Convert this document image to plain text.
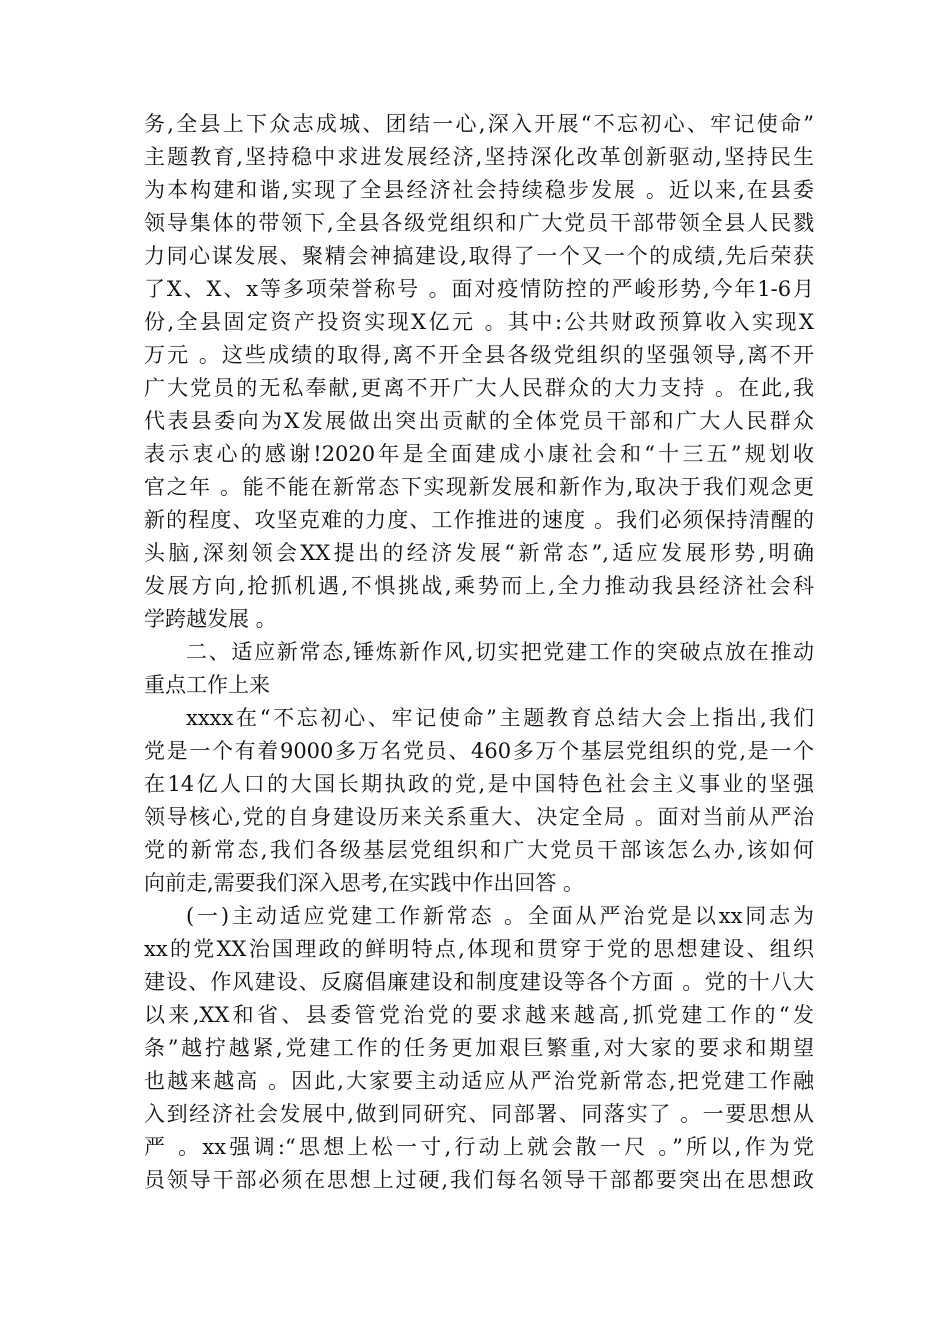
务,全县上下众志成城、团结一心,深入开展“不忘初心、牢记使命”
主题教育,坚持稳中求进发展经济,坚持深化改革创新驱动,坚持民生
为本构建和谐,实现了全县经济社会持续稳步发展 。近以来,在县委
领导集体的带领下,全县各级党组织和广大党员干部带领全县人民戮
力同心谋发展、聚精会神搞建设,取得了一个又一个的成绩,先后荣获
了X、X、x等多项荣誉称号 。面对疫情防控的严峻形势,今年1-6月
份,全县固定资产投资实现X亿元 。其中:公共财政预算收入实现X
万元 。这些成绩的取得,离不开全县各级党组织的坚强领导,离不开
广大党员的无私奉献,更离不开广大人民群众的大力支持 。在此,我
代表县委向为X发展做出突出贡献的全体党员干部和广大人民群众
表示衷心的感谢!2020年是全面建成小康社会和“十三五”规划收
官之年 。能不能在新常态下实现新发展和新作为,取决于我们观念更
新的程度、攻坚克难的力度、工作推进的速度 。我们必须保持清醒的
头脑,深刻领会XX提出的经济发展“新常态”,适应发展形势,明确
发展方向,抢抓机遇,不惧挑战,乘势而上,全力推动我县经济社会科
学跨越发展 。
二、适应新常态,锤炼新作风,切实把党建工作的突破点放在推动
重点工作上来
xxxx在“不忘初心、牢记使命”主题教育总结大会上指出,我们
党是一个有着9000多万名党员、460多万个基层党组织的党,是一个
在14亿人口的大国长期执政的党,是中国特色社会主义事业的坚强
领导核心,党的自身建设历来关系重大、决定全局 。面对当前从严治
党的新常态,我们各级基层党组织和广大党员干部该怎么办,该如何
向前走,需要我们深入思考,在实践中作出回答 。
(一)主动适应党建工作新常态 。全面从严治党是以xx同志为
xx的党XX治国理政的鲜明特点,体现和贯穿于党的思想建设、组织
建设、作风建设、反腐倡廉建设和制度建设等各个方面 。党的十八大
以来,XX和省、县委管党治党的要求越来越高,抓党建工作的“发
条”越拧越紧,党建工作的任务更加艰巨繁重,对大家的要求和期望
也越来越高 。因此,大家要主动适应从严治党新常态,把党建工作融
入到经济社会发展中,做到同研究、同部署、同落实了 。一要思想从
严 。xx强调:“思想上松一寸,行动上就会散一尺 。”所以,作为党
员领导干部必须在思想上过硬,我们每名领导干部都要突出在思想政
